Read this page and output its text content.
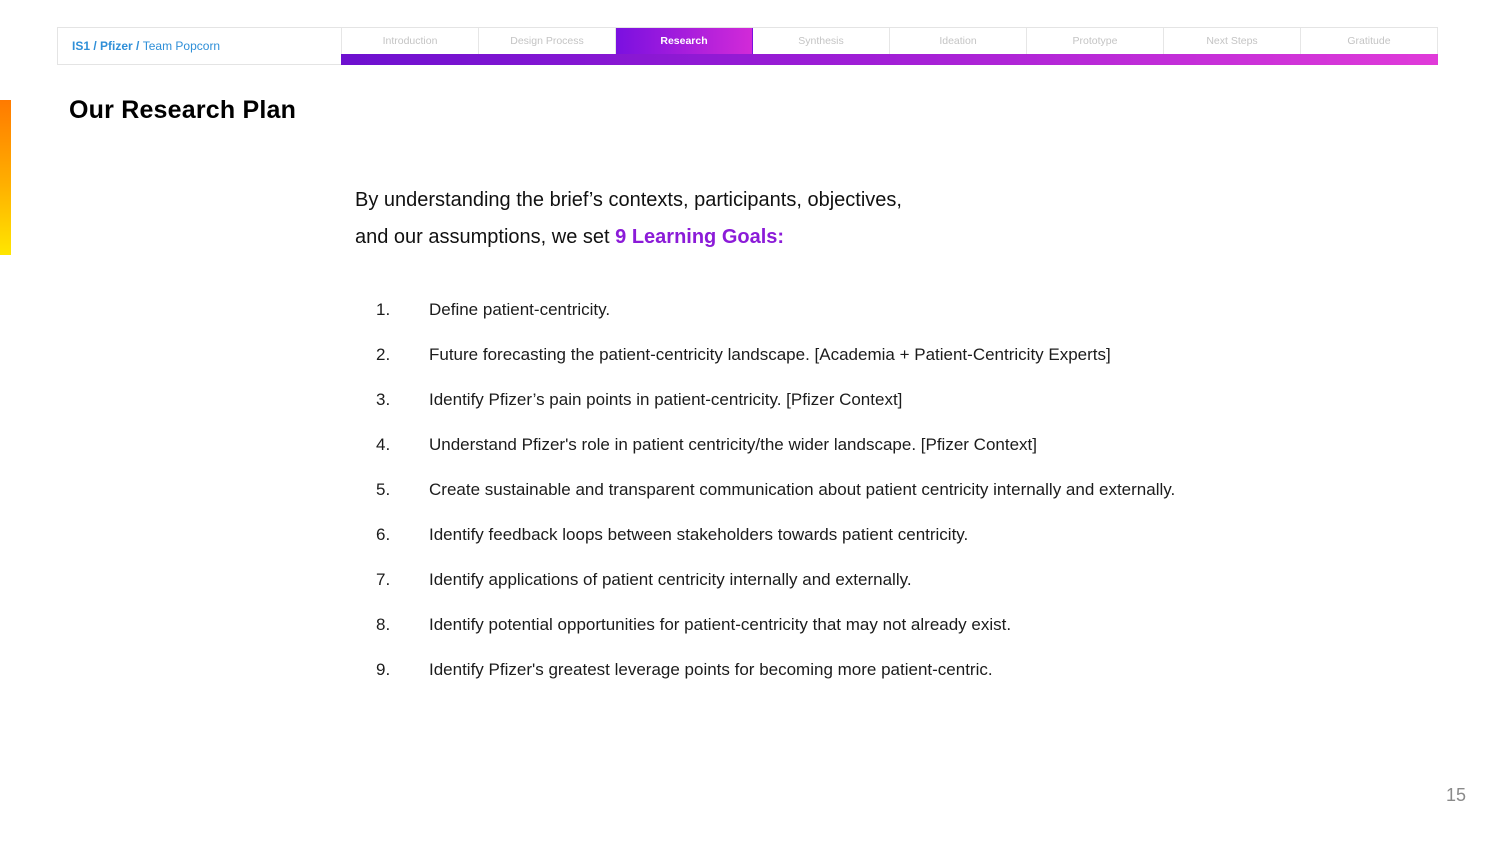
IS1 / Pfizer / Team Popcorn	Introduction	Design Process	Research	Synthesis	Ideation	Prototype	Next Steps	Gratitude
Our Research Plan
By understanding the brief’s contexts, participants, objectives,
and our assumptions, we set 9 Learning Goals:
1. Define patient-centricity.
2. Future forecasting the patient-centricity landscape. [Academia + Patient-Centricity Experts]
3. Identify Pfizer’s pain points in patient-centricity. [Pfizer Context]
4. Understand Pfizer's role in patient centricity/the wider landscape. [Pfizer Context]
5. Create sustainable and transparent communication about patient centricity internally and externally.
6. Identify feedback loops between stakeholders towards patient centricity.
7. Identify applications of patient centricity internally and externally.
8. Identify potential opportunities for patient-centricity that may not already exist.
9. Identify Pfizer's greatest leverage points for becoming more patient-centric.
15
